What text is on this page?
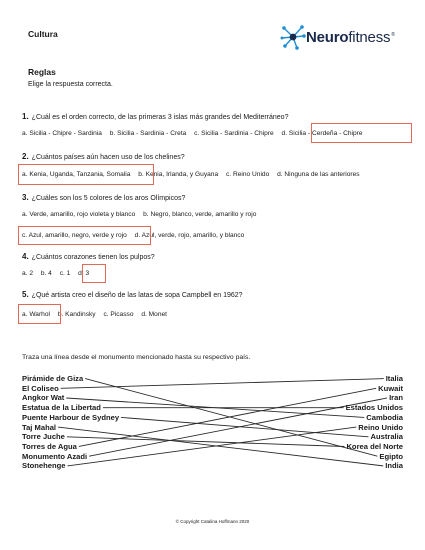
Cultura	Neurofitness®
Reglas
Elige la respuesta correcta.
1. ¿Cuál es el orden correcto, de las primeras 3 islas más grandes del Mediterráneo?
a. Sicilia - Chipre - Sardinia b. Sicilia - Sardinia - Creta c. Sicilia - Sardinia - Chipre d. Sicilia - Cerdeña - Chipre
2. ¿Cuántos países aún hacen uso de los chelines?
a. Kenia, Uganda, Tanzania, Somalia b. Kenia, Irlanda, y Guyana c. Reino Unido d. Ninguna de las anteriores
3. ¿Cuáles son los 5 colores de los aros Olímpicos?
a. Verde, amarillo, rojo violeta y blanco b. Negro, blanco, verde, amarillo y rojo
c. Azul, amarillo, negro, verde y rojo d. Azul, verde, rojo, amarillo, y blanco
4. ¿Cuántos corazones tienen los pulpos?
a. 2 b. 4 c. 1 d. 3
5. ¿Qué artista creo el diseño de las latas de sopa Campbell en 1962?
a. Warhol b. Kandinsky c. Picasso d. Monet
Traza una línea desde el monumento mencionado hasta su respectivo país.
Pirámide de Giza
El Coliseo
Angkor Wat
Estatua de la Libertad
Puente Harbour de Sydney
Taj Mahal
Torre Juche
Torres de Agua
Monumento Azadi
Stonehenge
Italia
Kuwait
Iran
Estados Unidos
Cambodia
Reino Unido
Australia
Korea del Norte
Egipto
India
© Copyright Catalina Hoffmann 2020
